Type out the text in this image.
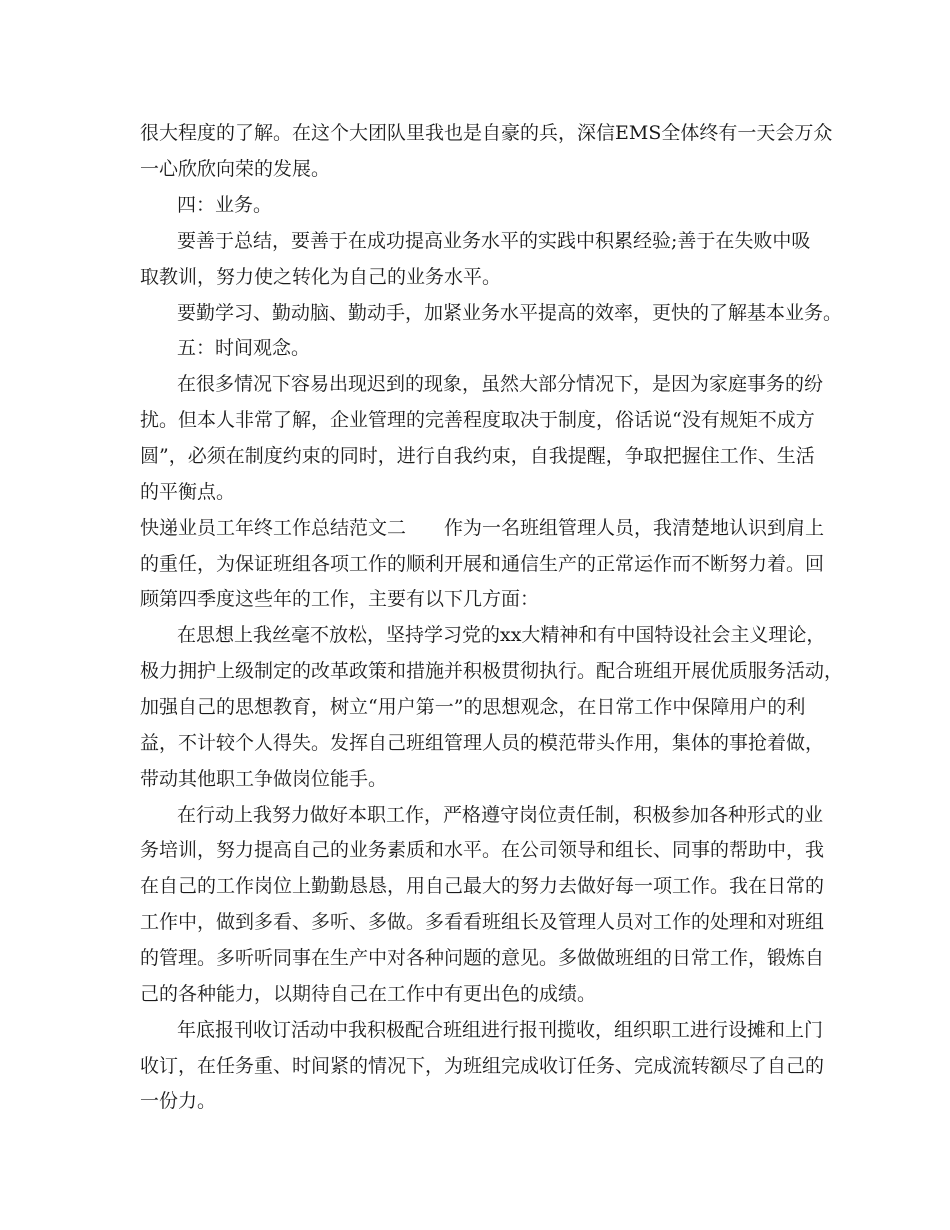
很大程度的了解。在这个大团队里我也是自豪的兵，深信EMS全体终有一天会万众
一心欣欣向荣的发展。
四：业务。
要善于总结，要善于在成功提高业务水平的实践中积累经验;善于在失败中吸
取教训，努力使之转化为自己的业务水平。
要勤学习、勤动脑、勤动手，加紧业务水平提高的效率，更快的了解基本业务。
五：时间观念。
在很多情况下容易出现迟到的现象，虽然大部分情况下，是因为家庭事务的纷
扰。但本人非常了解，企业管理的完善程度取决于制度，俗话说“没有规矩不成方
圆”，必须在制度约束的同时，进行自我约束，自我提醒，争取把握住工作、生活
的平衡点。
快递业员工年终工作总结范文二　　作为一名班组管理人员，我清楚地认识到肩上
的重任，为保证班组各项工作的顺利开展和通信生产的正常运作而不断努力着。回
顾第四季度这些年的工作，主要有以下几方面：
在思想上我丝毫不放松，坚持学习党的xx大精神和有中国特设社会主义理论，
极力拥护上级制定的改革政策和措施并积极贯彻执行。配合班组开展优质服务活动，
加强自己的思想教育，树立“用户第一”的思想观念，在日常工作中保障用户的利
益，不计较个人得失。发挥自己班组管理人员的模范带头作用，集体的事抢着做，
带动其他职工争做岗位能手。
在行动上我努力做好本职工作，严格遵守岗位责任制，积极参加各种形式的业
务培训，努力提高自己的业务素质和水平。在公司领导和组长、同事的帮助中，我
在自己的工作岗位上勤勤恳恳，用自己最大的努力去做好每一项工作。我在日常的
工作中，做到多看、多听、多做。多看看班组长及管理人员对工作的处理和对班组
的管理。多听听同事在生产中对各种问题的意见。多做做班组的日常工作，锻炼自
己的各种能力，以期待自己在工作中有更出色的成绩。
年底报刊收订活动中我积极配合班组进行报刊揽收，组织职工进行设摊和上门
收订，在任务重、时间紧的情况下，为班组完成收订任务、完成流转额尽了自己的
一份力。
